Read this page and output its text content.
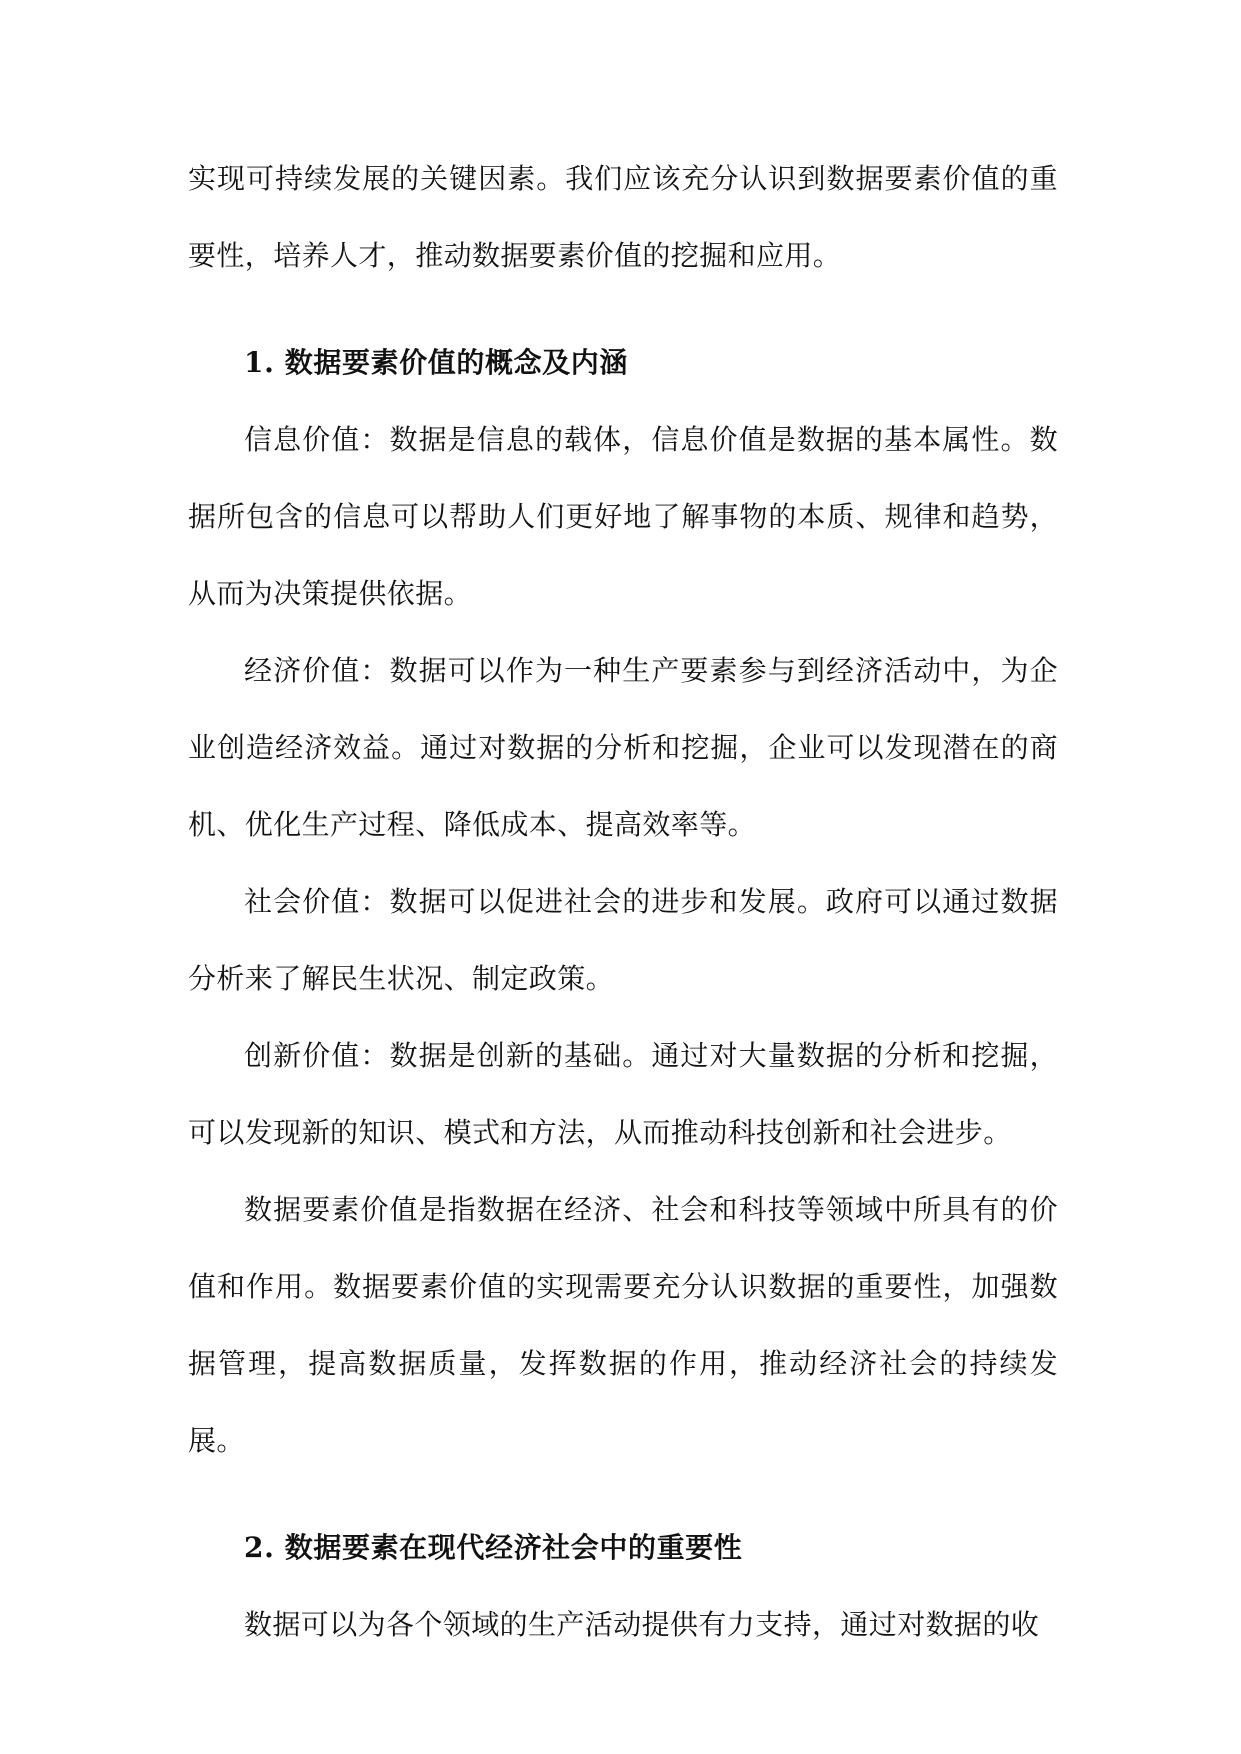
实现可持续发展的关键因素。我们应该充分认识到数据要素价值的重要性，培养人才，推动数据要素价值的挖掘和应用。

1. 数据要素价值的概念及内涵

信息价值：数据是信息的载体，信息价值是数据的基本属性。数据所包含的信息可以帮助人们更好地了解事物的本质、规律和趋势，从而为决策提供依据。

经济价值：数据可以作为一种生产要素参与到经济活动中，为企业创造经济效益。通过对数据的分析和挖掘，企业可以发现潜在的商机、优化生产过程、降低成本、提高效率等。

社会价值：数据可以促进社会的进步和发展。政府可以通过数据分析来了解民生状况、制定政策。

创新价值：数据是创新的基础。通过对大量数据的分析和挖掘，可以发现新的知识、模式和方法，从而推动科技创新和社会进步。

数据要素价值是指数据在经济、社会和科技等领域中所具有的价值和作用。数据要素价值的实现需要充分认识数据的重要性，加强数据管理，提高数据质量，发挥数据的作用，推动经济社会的持续发展。

2. 数据要素在现代经济社会中的重要性

数据可以为各个领域的生产活动提供有力支持，通过对数据的收
